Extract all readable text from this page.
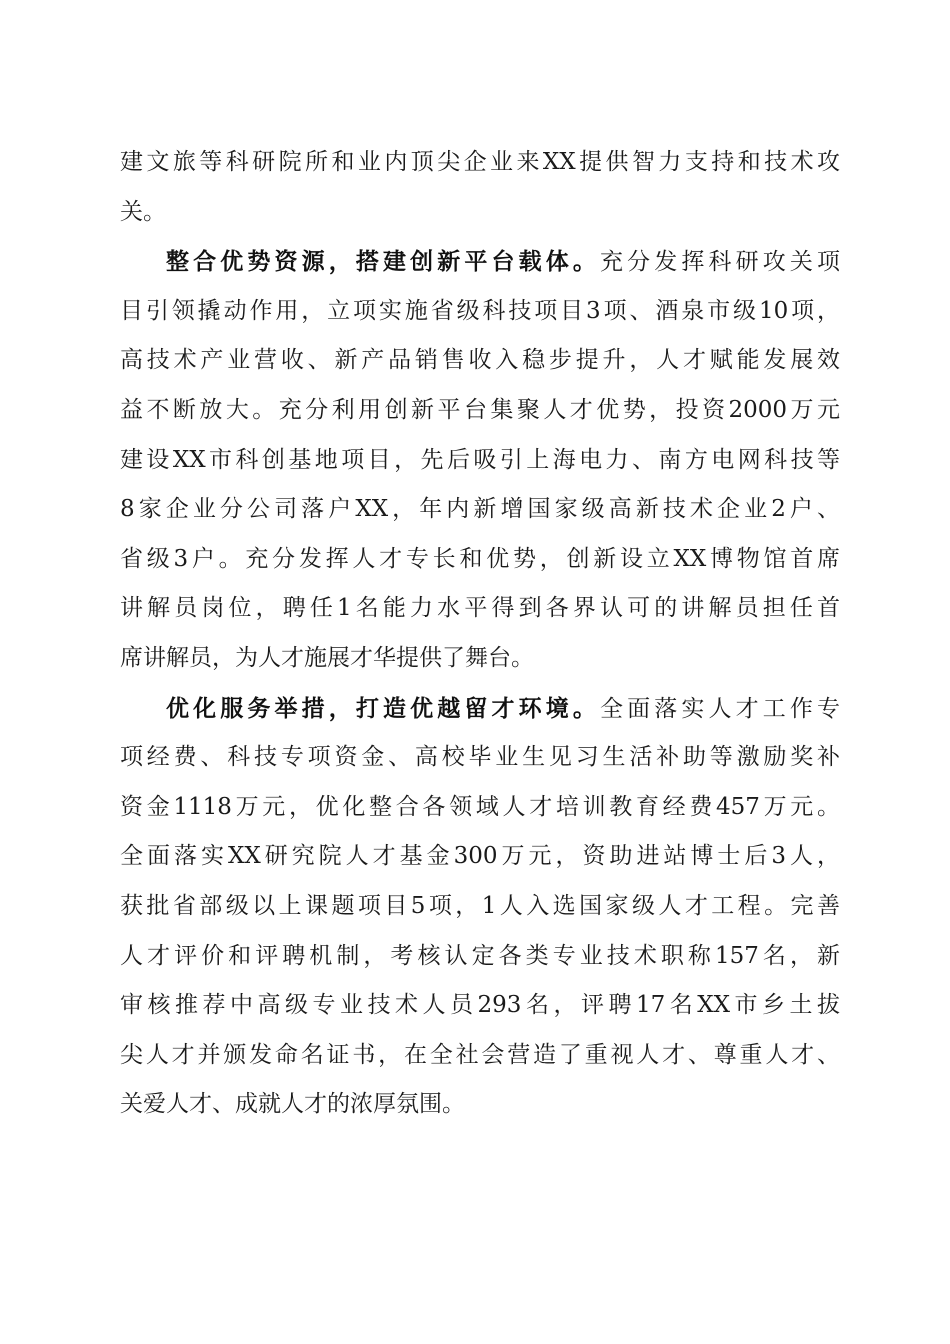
建文旅等科研院所和业内顶尖企业来XX提供智力支持和技术攻
关。
整合优势资源，搭建创新平台载体。充分发挥科研攻关项
目引领撬动作用，立项实施省级科技项目3项、酒泉市级10项，
高技术产业营收、新产品销售收入稳步提升，人才赋能发展效
益不断放大。充分利用创新平台集聚人才优势，投资2000万元
建设XX市科创基地项目，先后吸引上海电力、南方电网科技等
8家企业分公司落户XX，年内新增国家级高新技术企业2户、
省级3户。充分发挥人才专长和优势，创新设立XX博物馆首席
讲解员岗位，聘任1名能力水平得到各界认可的讲解员担任首
席讲解员，为人才施展才华提供了舞台。
优化服务举措，打造优越留才环境。全面落实人才工作专
项经费、科技专项资金、高校毕业生见习生活补助等激励奖补
资金1118万元，优化整合各领域人才培训教育经费457万元。
全面落实XX研究院人才基金300万元，资助进站博士后3人，
获批省部级以上课题项目5项，1人入选国家级人才工程。完善
人才评价和评聘机制，考核认定各类专业技术职称157名，新
审核推荐中高级专业技术人员293名，评聘17名XX市乡土拔
尖人才并颁发命名证书，在全社会营造了重视人才、尊重人才、
关爱人才、成就人才的浓厚氛围。
